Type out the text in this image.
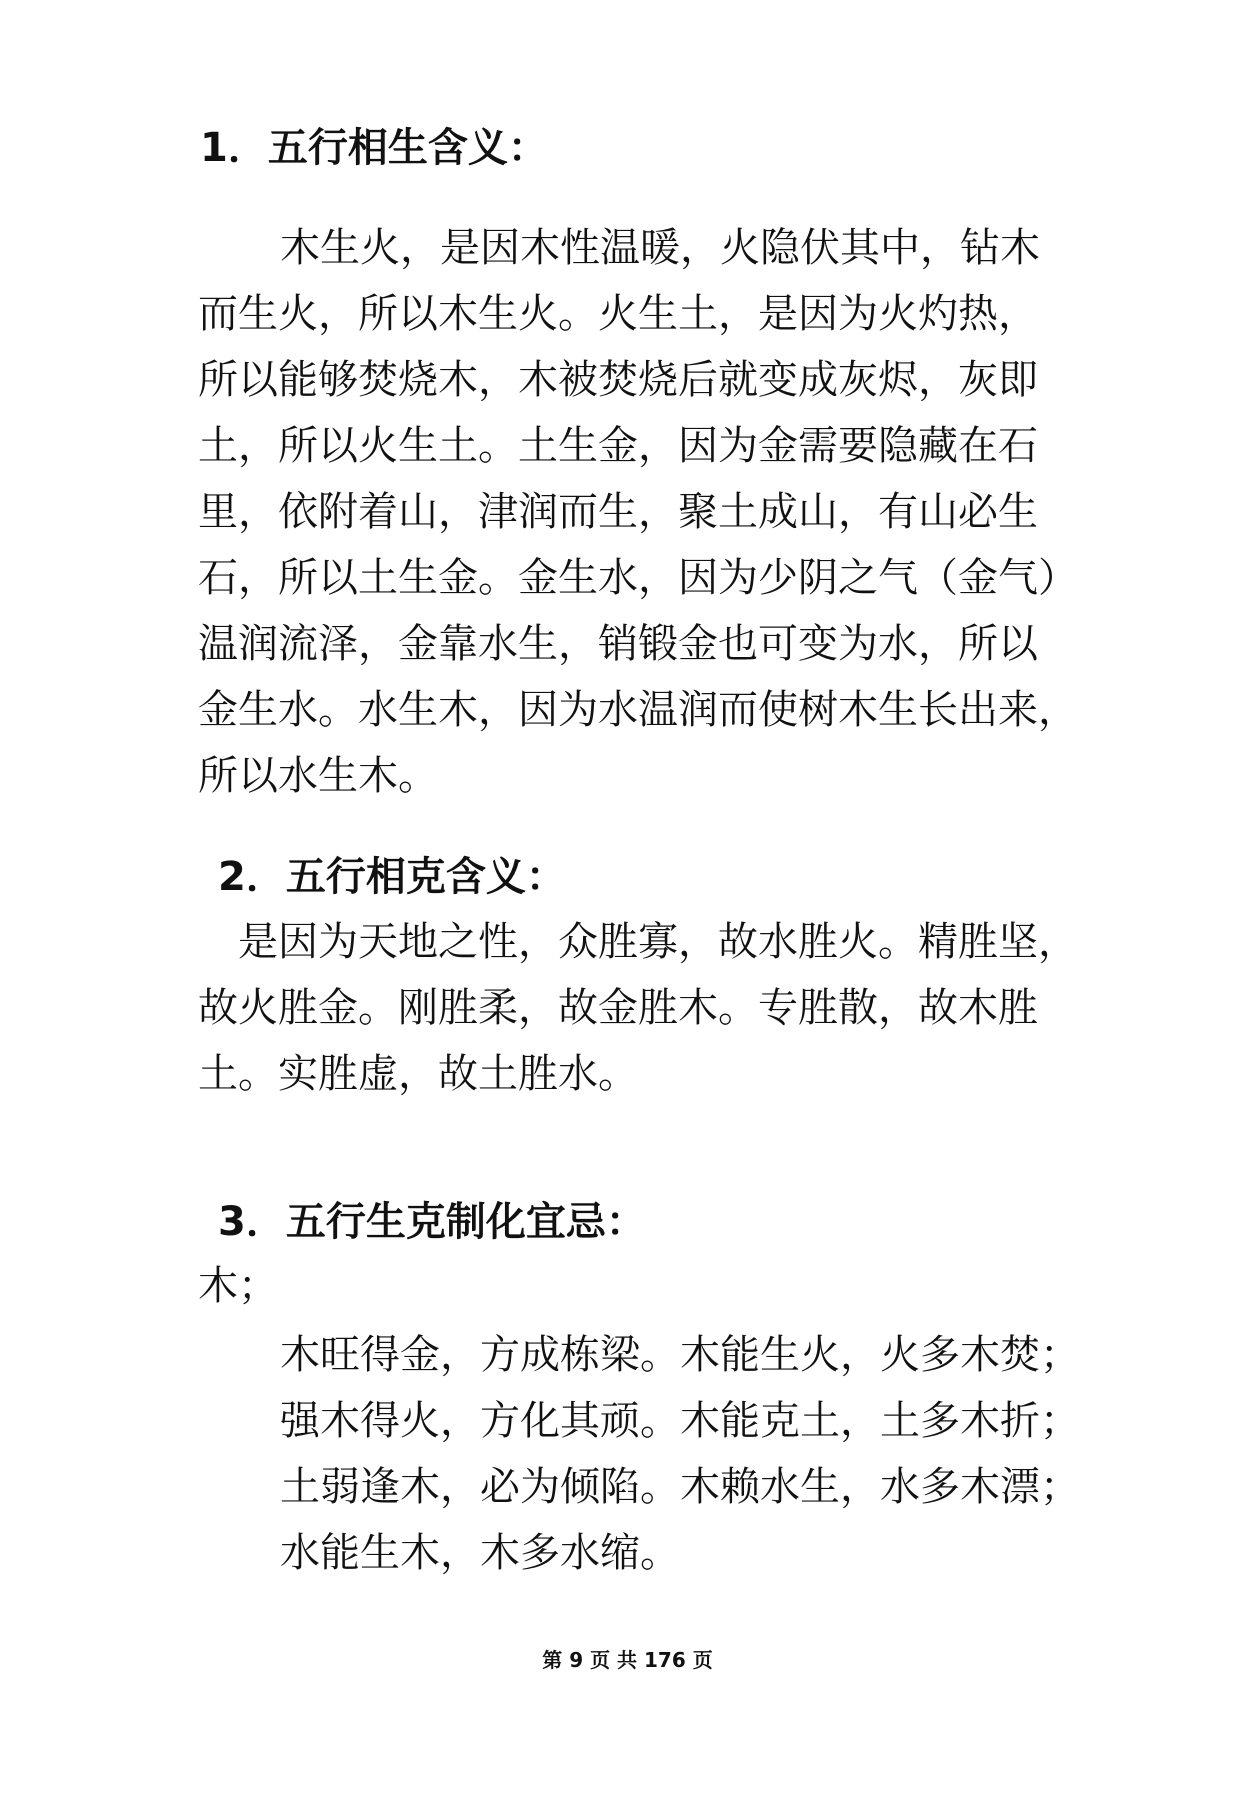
1．五行相生含义：
木生火，是因木性温暖，火隐伏其中，钻木
而生火，所以木生火。火生土，是因为火灼热，
所以能够焚烧木，木被焚烧后就变成灰烬，灰即
土，所以火生土。土生金，因为金需要隐藏在石
里，依附着山，津润而生，聚土成山，有山必生
石，所以土生金。金生水，因为少阴之气（金气）
温润流泽，金靠水生，销锻金也可变为水，所以
金生水。水生木，因为水温润而使树木生长出来，
所以水生木。
2．五行相克含义：
是因为天地之性，众胜寡，故水胜火。精胜坚，
故火胜金。刚胜柔，故金胜木。专胜散，故木胜
土。实胜虚，故土胜水。
3．五行生克制化宜忌：
木；
木旺得金，方成栋梁。木能生火，火多木焚；
强木得火，方化其顽。木能克土，土多木折；
土弱逢木，必为倾陷。木赖水生，水多木漂；
水能生木，木多水缩。
第 9 页 共 176 页
